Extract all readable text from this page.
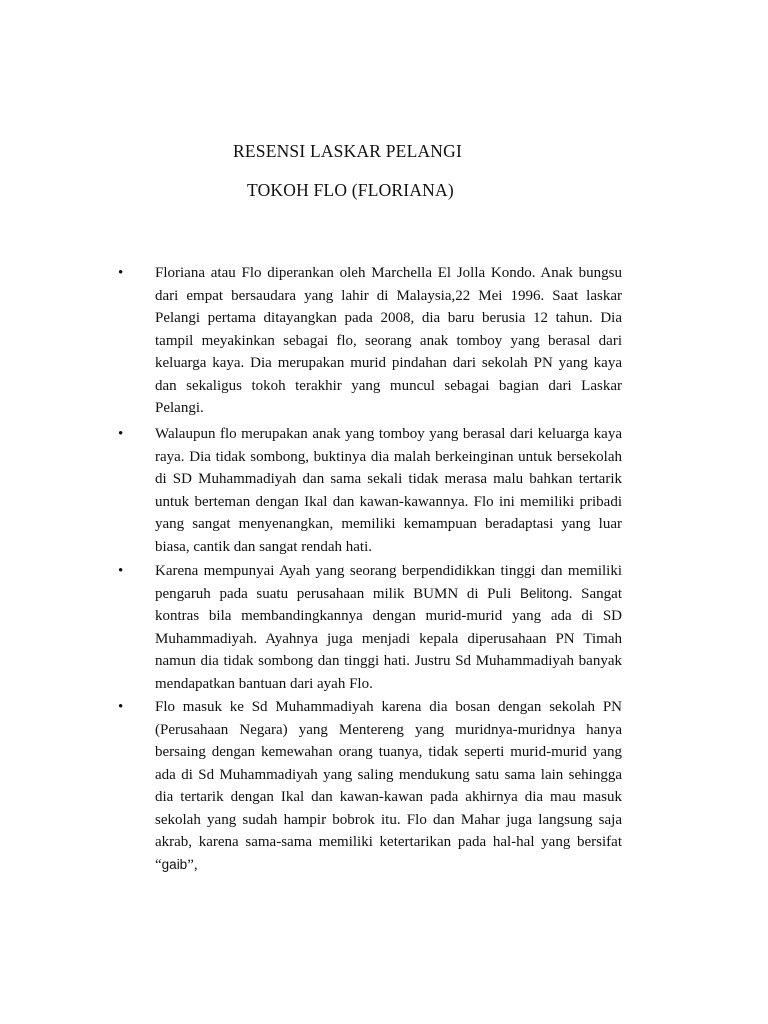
RESENSI LASKAR PELANGI
TOKOH FLO (FLORIANA)
•	Floriana atau Flo diperankan oleh Marchella El Jolla Kondo. Anak bungsu dari empat bersaudara yang lahir di Malaysia,22 Mei 1996. Saat laskar Pelangi pertama ditayangkan pada 2008, dia baru berusia 12 tahun. Dia tampil meyakinkan sebagai flo, seorang anak tomboy yang berasal dari keluarga kaya. Dia merupakan murid pindahan dari sekolah PN yang kaya dan sekaligus tokoh terakhir yang muncul sebagai bagian dari Laskar Pelangi.
•	Walaupun flo merupakan anak yang tomboy yang berasal dari keluarga kaya raya. Dia tidak sombong, buktinya dia malah berkeinginan untuk bersekolah di SD Muhammadiyah dan sama sekali tidak merasa malu bahkan tertarik untuk berteman dengan Ikal dan kawan-kawannya. Flo ini memiliki pribadi yang sangat menyenangkan, memiliki kemampuan beradaptasi yang luar biasa, cantik dan sangat rendah hati.
•	Karena mempunyai Ayah yang seorang berpendidikkan tinggi dan memiliki pengaruh pada suatu perusahaan milik BUMN di Puli Belitong. Sangat kontras bila membandingkannya dengan murid-murid yang ada di SD Muhammadiyah. Ayahnya juga menjadi kepala diperusahaan PN Timah namun dia tidak sombong dan tinggi hati. Justru Sd Muhammadiyah banyak mendapatkan bantuan dari ayah Flo.
•	Flo masuk ke Sd Muhammadiyah karena dia bosan dengan sekolah PN (Perusahaan Negara) yang Mentereng yang muridnya-muridnya hanya bersaing dengan kemewahan orang tuanya, tidak seperti murid-murid yang ada di Sd Muhammadiyah yang saling mendukung satu sama lain sehingga dia tertarik dengan Ikal dan kawan-kawan pada akhirnya dia mau masuk sekolah yang sudah hampir bobrok itu. Flo dan Mahar juga langsung saja akrab, karena sama-sama memiliki ketertarikan pada hal-hal yang bersifat “gaib”,
